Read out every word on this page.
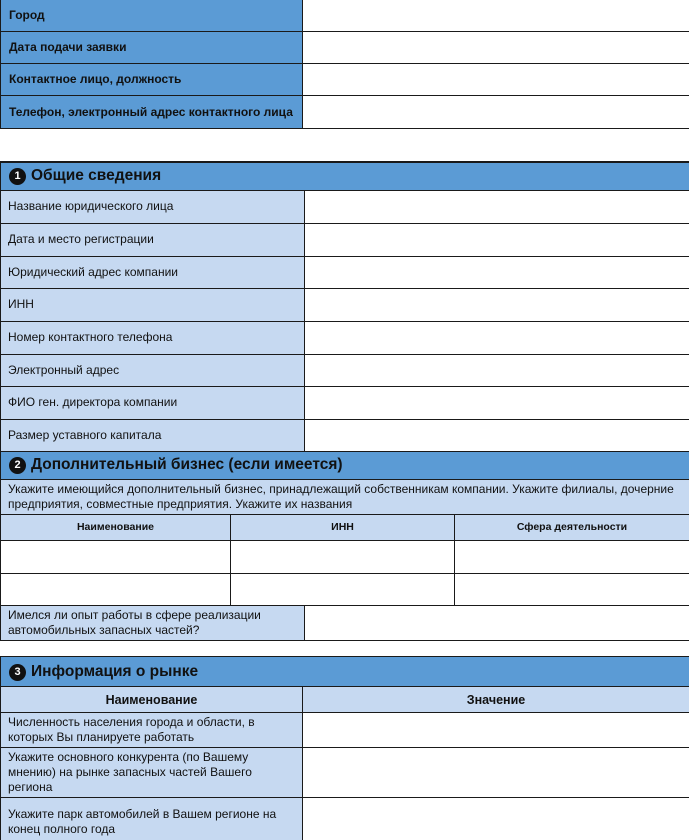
Город	
Дата подачи заявки	
Контактное лицо, должность	
Телефон, электронный адрес контактного лица	
1 Общие сведения			
Название юридического лица			
Дата и место регистрации			
Юридический адрес компании			
ИНН			
Номер контактного телефона			
Электронный адрес			
ФИО ген. директора компании			
Размер уставного капитала			
2 Дополнительный бизнес (если имеется)			
Укажите имеющийся дополнительный бизнес, принадлежащий собственникам компании. Укажите филиалы, дочерние предприятия, совместные предприятия. Укажите их названия			
Наименование	ИНН		Сфера деятельности

Имелся ли опыт работы в сфере реализации автомобильных запасных частей?			
3 Информация о рынке	
Наименование	Значение
Численность населения города и области, в которых Вы планируете работать	
Укажите основного конкурента (по Вашему мнению) на рынке запасных частей Вашего региона	
Укажите парк автомобилей в Вашем регионе на конец полного года	
